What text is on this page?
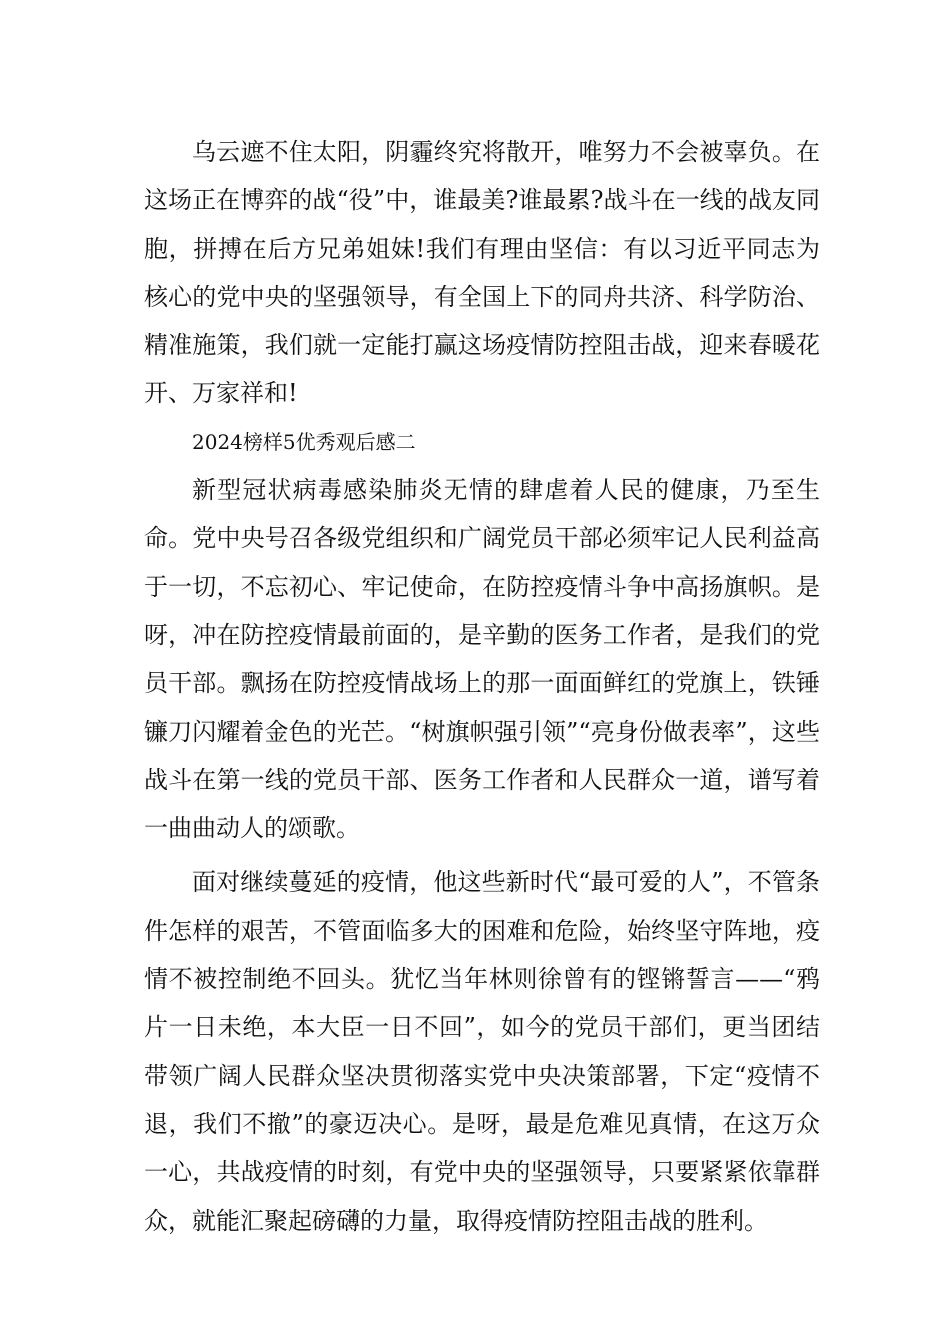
乌云遮不住太阳，阴霾终究将散开，唯努力不会被辜负。在这场正在博弈的战“役”中，谁最美?谁最累?战斗在一线的战友同胞，拼搏在后方兄弟姐妹!我们有理由坚信：有以习近平同志为核心的党中央的坚强领导，有全国上下的同舟共济、科学防治、精准施策，我们就一定能打赢这场疫情防控阻击战，迎来春暖花开、万家祥和!

2024榜样5优秀观后感二

新型冠状病毒感染肺炎无情的肆虐着人民的健康，乃至生命。党中央号召各级党组织和广阔党员干部必须牢记人民利益高于一切，不忘初心、牢记使命，在防控疫情斗争中高扬旗帜。是呀，冲在防控疫情最前面的，是辛勤的医务工作者，是我们的党员干部。飘扬在防控疫情战场上的那一面面鲜红的党旗上，铁锤镰刀闪耀着金色的光芒。“树旗帜强引领”“亮身份做表率”，这些战斗在第一线的党员干部、医务工作者和人民群众一道，谱写着一曲曲动人的颂歌。

面对继续蔓延的疫情，他这些新时代“最可爱的人”，不管条件怎样的艰苦，不管面临多大的困难和危险，始终坚守阵地，疫情不被控制绝不回头。犹忆当年林则徐曾有的铿锵誓言——“鸦片一日未绝，本大臣一日不回”，如今的党员干部们，更当团结带领广阔人民群众坚决贯彻落实党中央决策部署，下定“疫情不退，我们不撤”的豪迈决心。是呀，最是危难见真情，在这万众一心，共战疫情的时刻，有党中央的坚强领导，只要紧紧依靠群众，就能汇聚起磅礴的力量，取得疫情防控阻击战的胜利。
